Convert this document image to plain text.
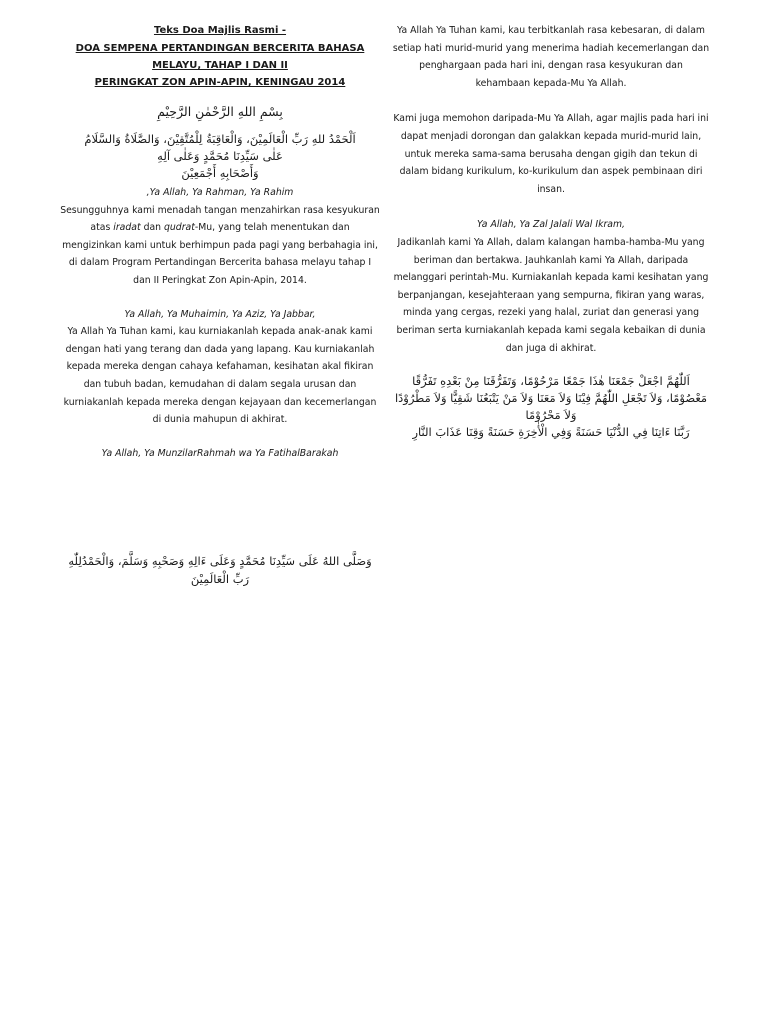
Teks Doa Majlis Rasmi -
DOA SEMPENA PERTANDINGAN BERCERITA BAHASA
MELAYU, TAHAP I DAN II
PERINGKAT ZON APIN-APIN, KENINGAU 2014
بِسْمِ اللهِ الرَّحْمٰنِ الرَّحِيْمِ
اَلْحَمْدُ للهِ رَبِّ الْعَالَمِيْنَ، وَالْعَاقِبَةُ لِلْمُتَّقِيْنَ، وَالصَّلَاةُ وَالسَّلَامُ
عَلٰى سَيِّدِنَا مُحَمَّدٍ وَعَلٰى آلِهِ
وَأَصْحَابِهِ أَجْمَعِيْنَ
,Ya Allah, Ya Rahman, Ya Rahim
Sesungguhnya kami menadah tangan menzahirkan rasa kesyukuran atas iradat dan qudrat-Mu, yang telah menentukan dan mengizinkan kami untuk berhimpun pada pagi yang berbahagia ini, di dalam Program Pertandingan Bercerita bahasa melayu tahap I dan II Peringkat Zon Apin-Apin, 2014.
Ya Allah, Ya Muhaimin, Ya Aziz, Ya Jabbar,
Ya Allah Ya Tuhan kami, kau kurniakanlah kepada anak-anak kami dengan hati yang terang dan dada yang lapang. Kau kurniakanlah kepada mereka dengan cahaya kefahaman, kesihatan akal fikiran dan tubuh badan, kemudahan di dalam segala urusan dan kurniakanlah kepada mereka dengan kejayaan dan kecemerlangan di dunia mahupun di akhirat.
Ya Allah, Ya MunzilarRahmah wa Ya FatihalBarakah
وَصَلَّى اللهُ عَلَى سَيِّدِنَا مُحَمَّدٍ وَعَلَى ءَالِهِ وَصَحْبِهِ وَسَلَّمَ، وَالْحَمْدُلِلّٰهِ رَبِّ الْعَالَمِيْنَ
Ya Allah Ya Tuhan kami, kau terbitkanlah rasa kebesaran, di dalam setiap hati murid-murid yang menerima hadiah kecemerlangan dan penghargaan pada hari ini, dengan rasa kesyukuran dan kehambaan kepada-Mu Ya Allah.
Kami juga memohon daripada-Mu Ya Allah, agar majlis pada hari ini dapat menjadi dorongan dan galakkan kepada murid-murid lain, untuk mereka sama-sama berusaha dengan gigih dan tekun di dalam bidang kurikulum, ko-kurikulum dan aspek pembinaan diri insan.
Ya Allah, Ya Zal Jalali Wal Ikram,
Jadikanlah kami Ya Allah, dalam kalangan hamba-hamba-Mu yang beriman dan bertakwa. Jauhkanlah kami Ya Allah, daripada melanggari perintah-Mu. Kurniakanlah kepada kami kesihatan yang berpanjangan, kesejahteraan yang sempurna, fikiran yang waras, minda yang cergas, rezeki yang halal, zuriat dan generasi yang beriman serta kurniakanlah kepada kami segala kebaikan di dunia dan juga di akhirat.
اَللّٰهُمَّ اجْعَلْ جَمْعَنَا هٰذَا جَمْعًا مَرْحُوْمًا، وَتَفَرُّقَنَا مِنْ بَعْدِهِ تَفَرُّقًا مَعْصُوْمًا، وَلاَ تَجْعَلِ اللّٰهُمَّ فِيْنَا وَلاَ مَعَنَا وَلاَ مَنْ يَتْبَعُنَا شَقِيًّا وَلاَ مَطْرُوْدًا وَلاَ مَحْرُوْمًا
رَبَّنَا ءَاتِنَا فِي الدُّنْيَا حَسَنَةً وَفِي الْأٰخِرَةِ حَسَنَةً وَقِنَا عَذَابَ النَّارِ
